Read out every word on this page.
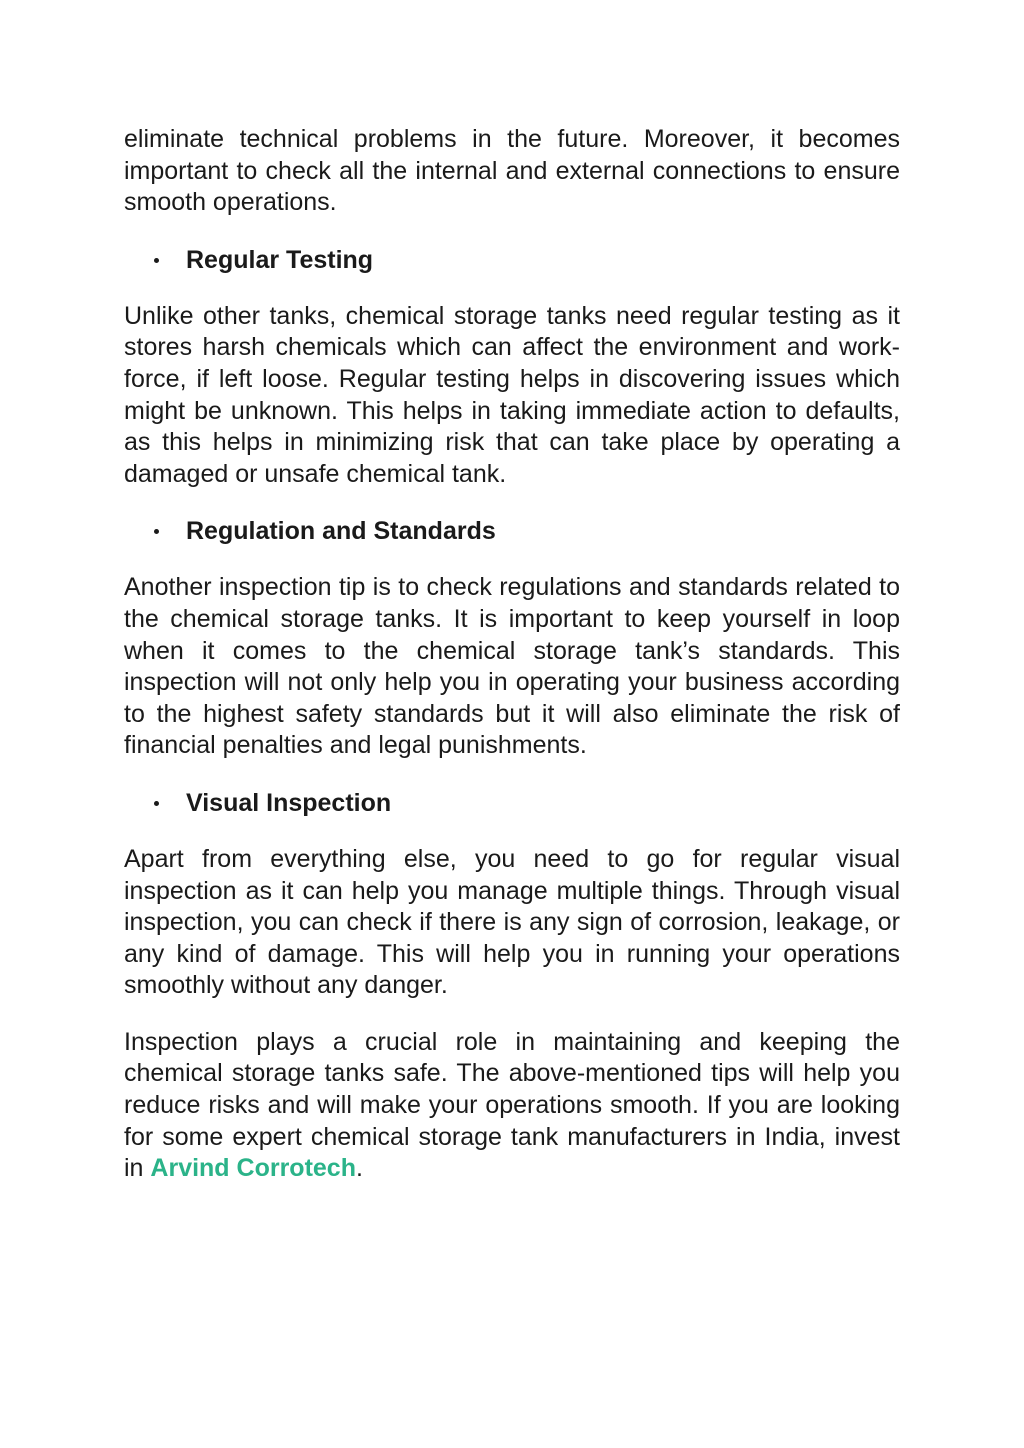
eliminate technical problems in the future. Moreover, it becomes important to check all the internal and external connections to ensure smooth operations.

Regular Testing

Unlike other tanks, chemical storage tanks need regular testing as it stores harsh chemicals which can affect the environment and work-force, if left loose. Regular testing helps in discovering issues which might be unknown. This helps in taking immediate action to defaults, as this helps in minimizing risk that can take place by operating a damaged or unsafe chemical tank.

Regulation and Standards

Another inspection tip is to check regulations and standards related to the chemical storage tanks. It is important to keep yourself in loop when it comes to the chemical storage tank’s standards. This inspection will not only help you in operating your business according to the highest safety standards but it will also eliminate the risk of financial penalties and legal punishments.

Visual Inspection

Apart from everything else, you need to go for regular visual inspection as it can help you manage multiple things. Through visual inspection, you can check if there is any sign of corrosion, leakage, or any kind of damage. This will help you in running your operations smoothly without any danger.

Inspection plays a crucial role in maintaining and keeping the chemical storage tanks safe. The above-mentioned tips will help you reduce risks and will make your operations smooth. If you are looking for some expert chemical storage tank manufacturers in India, invest in Arvind Corrotech.
